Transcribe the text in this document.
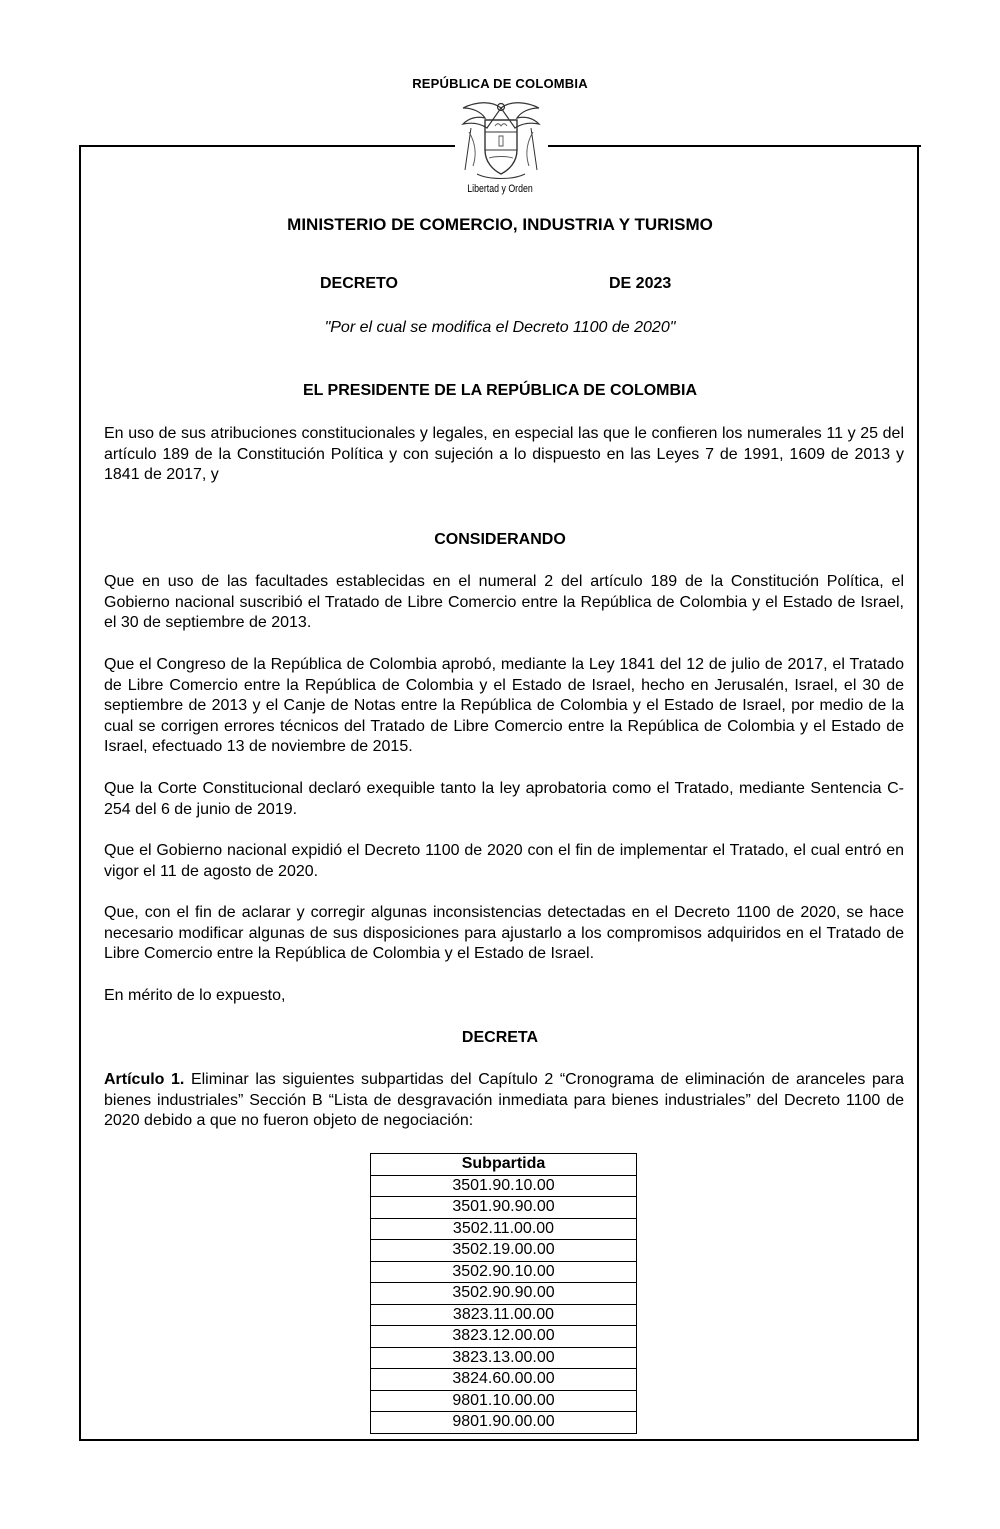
REPÚBLICA DE COLOMBIA
Libertad y Orden
MINISTERIO DE COMERCIO, INDUSTRIA Y TURISMO
DECRETO	DE 2023
"Por el cual se modifica el Decreto 1100 de 2020"
EL PRESIDENTE DE LA REPÚBLICA DE COLOMBIA

En uso de sus atribuciones constitucionales y legales, en especial las que le confieren los numerales 11 y 25 del artículo 189 de la Constitución Política y con sujeción a lo dispuesto en las Leyes 7 de 1991, 1609 de 2013 y 1841 de 2017, y

CONSIDERANDO

Que en uso de las facultades establecidas en el numeral 2 del artículo 189 de la Constitución Política, el Gobierno nacional suscribió el Tratado de Libre Comercio entre la República de Colombia y el Estado de Israel, el 30 de septiembre de 2013.

Que el Congreso de la República de Colombia aprobó, mediante la Ley 1841 del 12 de julio de 2017, el Tratado de Libre Comercio entre la República de Colombia y el Estado de Israel, hecho en Jerusalén, Israel, el 30 de septiembre de 2013 y el Canje de Notas entre la República de Colombia y el Estado de Israel, por medio de la cual se corrigen errores técnicos del Tratado de Libre Comercio entre la República de Colombia y el Estado de Israel, efectuado 13 de noviembre de 2015.

Que la Corte Constitucional declaró exequible tanto la ley aprobatoria como el Tratado, mediante Sentencia C-254 del 6 de junio de 2019.

Que el Gobierno nacional expidió el Decreto 1100 de 2020 con el fin de implementar el Tratado, el cual entró en vigor el 11 de agosto de 2020.

Que, con el fin de aclarar y corregir algunas inconsistencias detectadas en el Decreto 1100 de 2020, se hace necesario modificar algunas de sus disposiciones para ajustarlo a los compromisos adquiridos en el Tratado de Libre Comercio entre la República de Colombia y el Estado de Israel.

En mérito de lo expuesto,

DECRETA

Artículo 1. Eliminar las siguientes subpartidas del Capítulo 2 “Cronograma de eliminación de aranceles para bienes industriales” Sección B “Lista de desgravación inmediata para bienes industriales” del Decreto 1100 de 2020 debido a que no fueron objeto de negociación:

Subpartida
3501.90.10.00
3501.90.90.00
3502.11.00.00
3502.19.00.00
3502.90.10.00
3502.90.90.00
3823.11.00.00
3823.12.00.00
3823.13.00.00
3824.60.00.00
9801.10.00.00
9801.90.00.00
